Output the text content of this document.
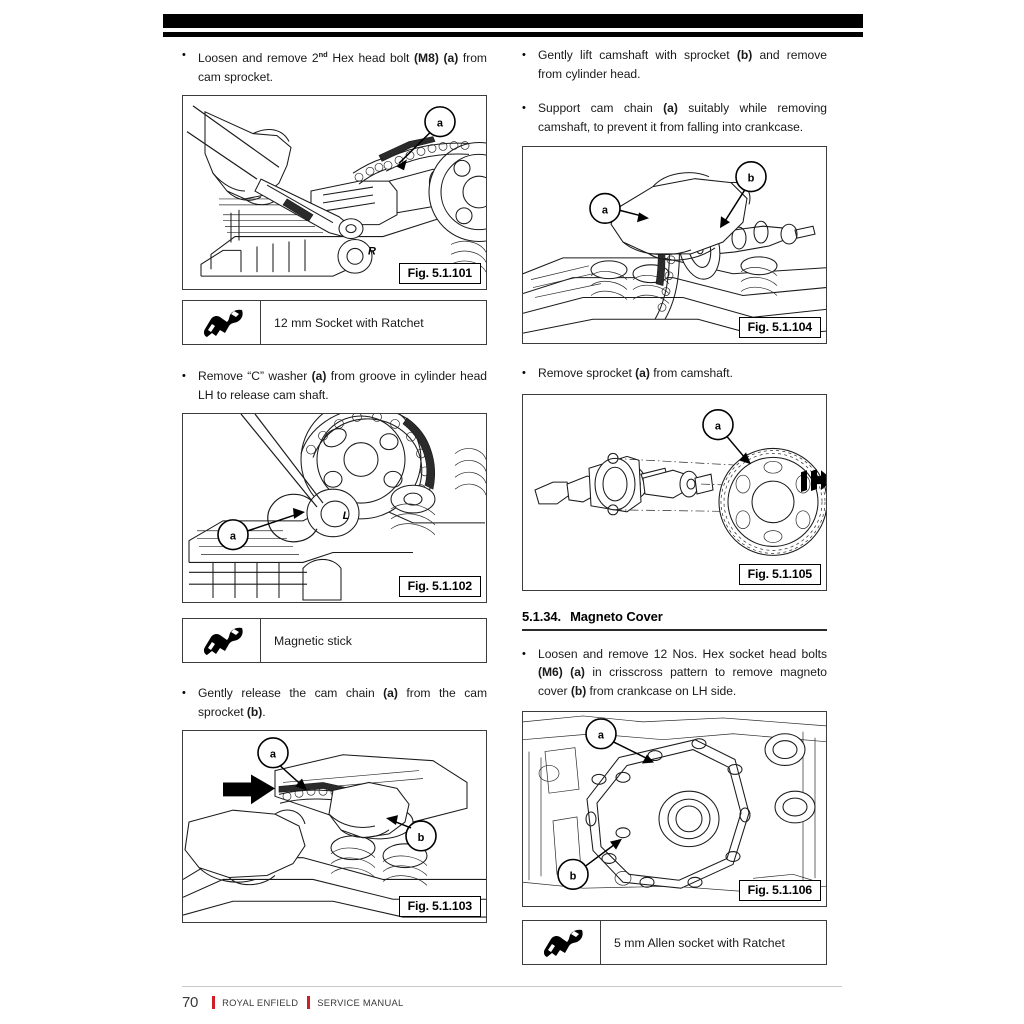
•	Loosen and remove 2nd Hex head bolt (M8) (a) from cam sprocket.
R
a
Fig. 5.1.101
12 mm Socket with Ratchet
•	Remove “C” washer (a) from groove in cylinder head LH to release cam shaft.
L
a
Fig. 5.1.102
Magnetic stick
•	Gently release the cam chain (a) from the cam sprocket (b).
a
b
Fig. 5.1.103
•	Gently lift camshaft with sprocket (b) and remove from cylinder head.
•	Support cam chain (a) suitably while removing camshaft, to prevent it from falling into crankcase.
a
b
Fig. 5.1.104
•	Remove sprocket (a) from camshaft.
a
Fig. 5.1.105
5.1.34. Magneto Cover
•	Loosen and remove 12 Nos. Hex socket head bolts (M6) (a) in crisscross pattern to remove magneto cover (b) from crankcase on LH side.
a
b
Fig. 5.1.106
5 mm Allen socket with Ratchet
70	ROYAL ENFIELD SERVICE MANUAL
